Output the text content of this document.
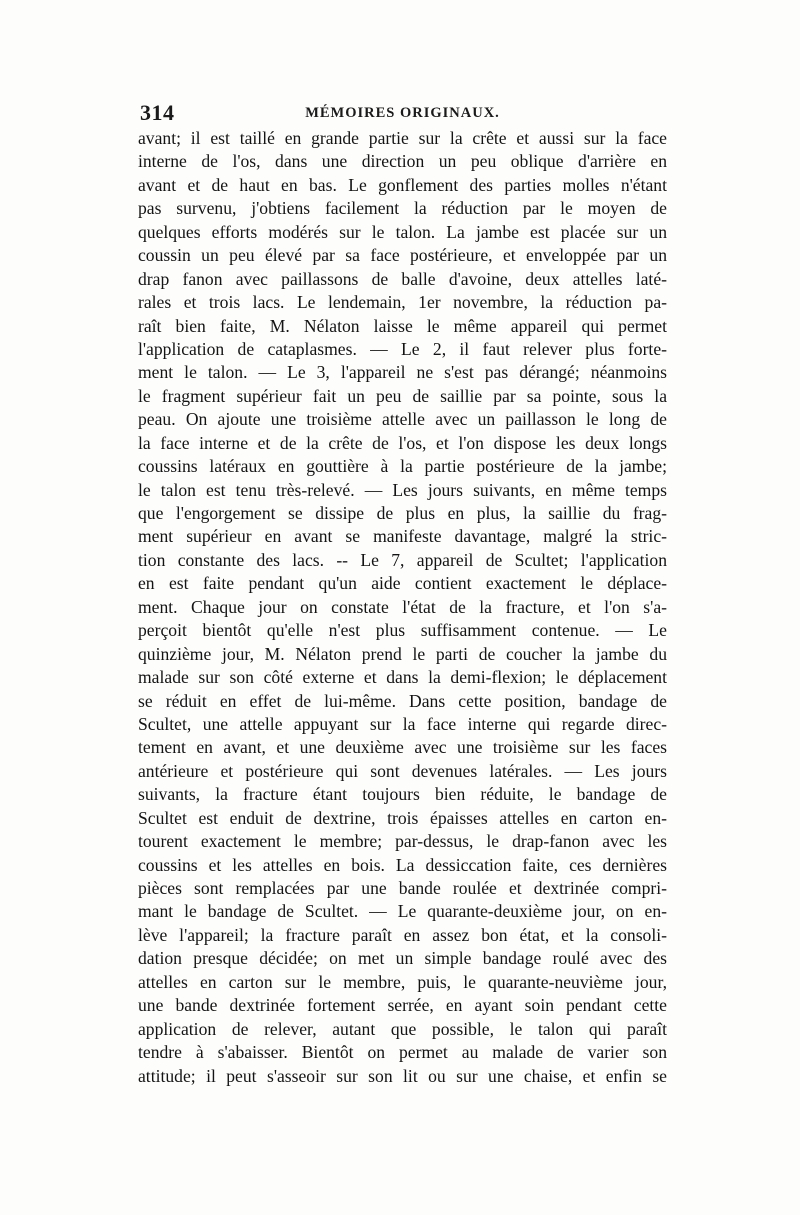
314	MÉMOIRES ORIGINAUX.
avant; il est taillé en grande partie sur la crête et aussi sur la face
interne de l'os, dans une direction un peu oblique d'arrière en
avant et de haut en bas. Le gonflement des parties molles n'étant
pas survenu, j'obtiens facilement la réduction par le moyen de
quelques efforts modérés sur le talon. La jambe est placée sur un
coussin un peu élevé par sa face postérieure, et enveloppée par un
drap fanon avec paillassons de balle d'avoine, deux attelles laté-
rales et trois lacs. Le lendemain, 1er novembre, la réduction pa-
raît bien faite, M. Nélaton laisse le même appareil qui permet
l'application de cataplasmes. — Le 2, il faut relever plus forte-
ment le talon. — Le 3, l'appareil ne s'est pas dérangé; néanmoins
le fragment supérieur fait un peu de saillie par sa pointe, sous la
peau. On ajoute une troisième attelle avec un paillasson le long de
la face interne et de la crête de l'os, et l'on dispose les deux longs
coussins latéraux en gouttière à la partie postérieure de la jambe;
le talon est tenu très-relevé. — Les jours suivants, en même temps
que l'engorgement se dissipe de plus en plus, la saillie du frag-
ment supérieur en avant se manifeste davantage, malgré la stric-
tion constante des lacs. -- Le 7, appareil de Scultet; l'application
en est faite pendant qu'un aide contient exactement le déplace-
ment. Chaque jour on constate l'état de la fracture, et l'on s'a-
perçoit bientôt qu'elle n'est plus suffisamment contenue. — Le
quinzième jour, M. Nélaton prend le parti de coucher la jambe du
malade sur son côté externe et dans la demi-flexion; le déplacement
se réduit en effet de lui-même. Dans cette position, bandage de
Scultet, une attelle appuyant sur la face interne qui regarde direc-
tement en avant, et une deuxième avec une troisième sur les faces
antérieure et postérieure qui sont devenues latérales. — Les jours
suivants, la fracture étant toujours bien réduite, le bandage de
Scultet est enduit de dextrine, trois épaisses attelles en carton en-
tourent exactement le membre; par-dessus, le drap-fanon avec les
coussins et les attelles en bois. La dessiccation faite, ces dernières
pièces sont remplacées par une bande roulée et dextrinée compri-
mant le bandage de Scultet. — Le quarante-deuxième jour, on en-
lève l'appareil; la fracture paraît en assez bon état, et la consoli-
dation presque décidée; on met un simple bandage roulé avec des
attelles en carton sur le membre, puis, le quarante-neuvième jour,
une bande dextrinée fortement serrée, en ayant soin pendant cette
application de relever, autant que possible, le talon qui paraît
tendre à s'abaisser. Bientôt on permet au malade de varier son
attitude; il peut s'asseoir sur son lit ou sur une chaise, et enfin se
